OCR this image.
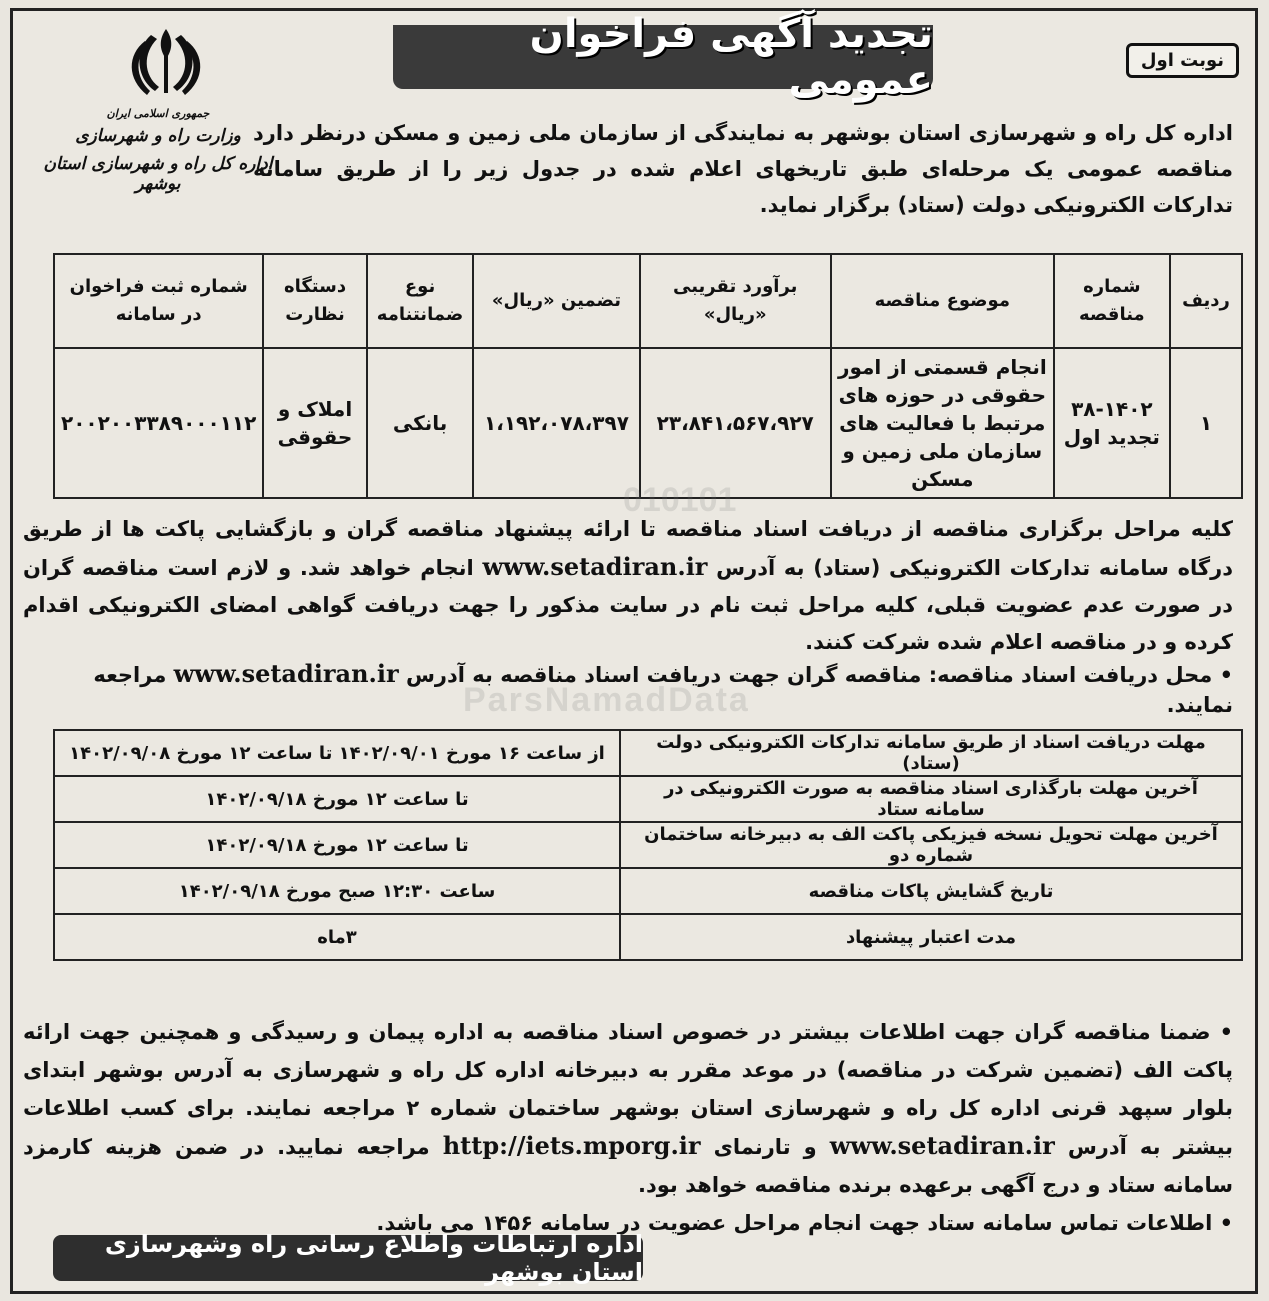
تجدید آگهی فراخوان عمومی	نوبت اول
جمهوری اسلامی ایران
وزارت راه و شهرسازی
اداره کل راه و شهرسازی استان بوشهر
اداره کل راه و شهرسازی استان بوشهر به نمایندگی از سازمان ملی زمین و مسکن درنظر دارد مناقصه عمومی یک مرحله‌ای طبق تاریخهای اعلام شده در جدول زیر را از طریق سامانه تدارکات الکترونیکی دولت (ستاد) برگزار نماید.
ردیف	شماره مناقصه	موضوع مناقصه	برآورد تقریبی «ریال»	تضمین «ریال»	نوع ضمانتنامه	دستگاه نظارت	شماره ثبت فراخوان در سامانه
۱	۳۸-۱۴۰۲ تجدید اول	انجام قسمتی از امور حقوقی در حوزه های مرتبط با فعالیت های سازمان ملی زمین و مسکن	۲۳،۸۴۱،۵۶۷،۹۲۷	۱،۱۹۲،۰۷۸،۳۹۷	بانکی	املاک و حقوقی	۲۰۰۲۰۰۳۳۸۹۰۰۰۱۱۲
010101
ParsNamadData
کلیه مراحل برگزاری مناقصه از دریافت اسناد مناقصه تا ارائه پیشنهاد مناقصه گران و بازگشایی پاکت ها از طریق درگاه سامانه تدارکات الکترونیکی (ستاد) به آدرس www.setadiran.ir انجام خواهد شد. و لازم است مناقصه گران در صورت عدم عضویت قبلی، کلیه مراحل ثبت نام در سایت مذکور را جهت دریافت گواهی امضای الکترونیکی اقدام کرده و در مناقصه اعلام شده شرکت کنند.
• محل دریافت اسناد مناقصه: مناقصه گران جهت دریافت اسناد مناقصه به آدرس www.setadiran.ir مراجعه نمایند.
مهلت دریافت اسناد از طریق سامانه تدارکات الکترونیکی دولت (ستاد)	از ساعت ۱۶ مورخ ۱۴۰۲/۰۹/۰۱ تا ساعت ۱۲ مورخ ۱۴۰۲/۰۹/۰۸
آخرین مهلت بارگذاری اسناد مناقصه به صورت الکترونیکی در سامانه ستاد	تا ساعت ۱۲ مورخ ۱۴۰۲/۰۹/۱۸
آخرین مهلت تحویل نسخه فیزیکی پاکت الف به دبیرخانه ساختمان شماره دو	تا ساعت ۱۲ مورخ ۱۴۰۲/۰۹/۱۸
تاریخ گشایش پاکات مناقصه	ساعت ۱۲:۳۰ صبح مورخ ۱۴۰۲/۰۹/۱۸
مدت اعتبار پیشنهاد	۳ماه
• ضمنا مناقصه گران جهت اطلاعات بیشتر در خصوص اسناد مناقصه به اداره پیمان و رسیدگی و همچنین جهت ارائه پاکت الف (تضمین شرکت در مناقصه) در موعد مقرر به دبیرخانه اداره کل راه و شهرسازی به آدرس بوشهر ابتدای بلوار سپهد قرنی اداره کل راه و شهرسازی استان بوشهر ساختمان شماره ۲ مراجعه نمایند. برای کسب اطلاعات بیشتر به آدرس www.setadiran.ir و تارنمای http://iets.mporg.ir مراجعه نمایید. در ضمن هزینه کارمزد سامانه ستاد و درج آگهی برعهده برنده مناقصه خواهد بود.
• اطلاعات تماس سامانه ستاد جهت انجام مراحل عضویت در سامانه ۱۴۵۶ می باشد.
اداره ارتباطات واطلاع رسانی راه وشهرسازی استان بوشهر
